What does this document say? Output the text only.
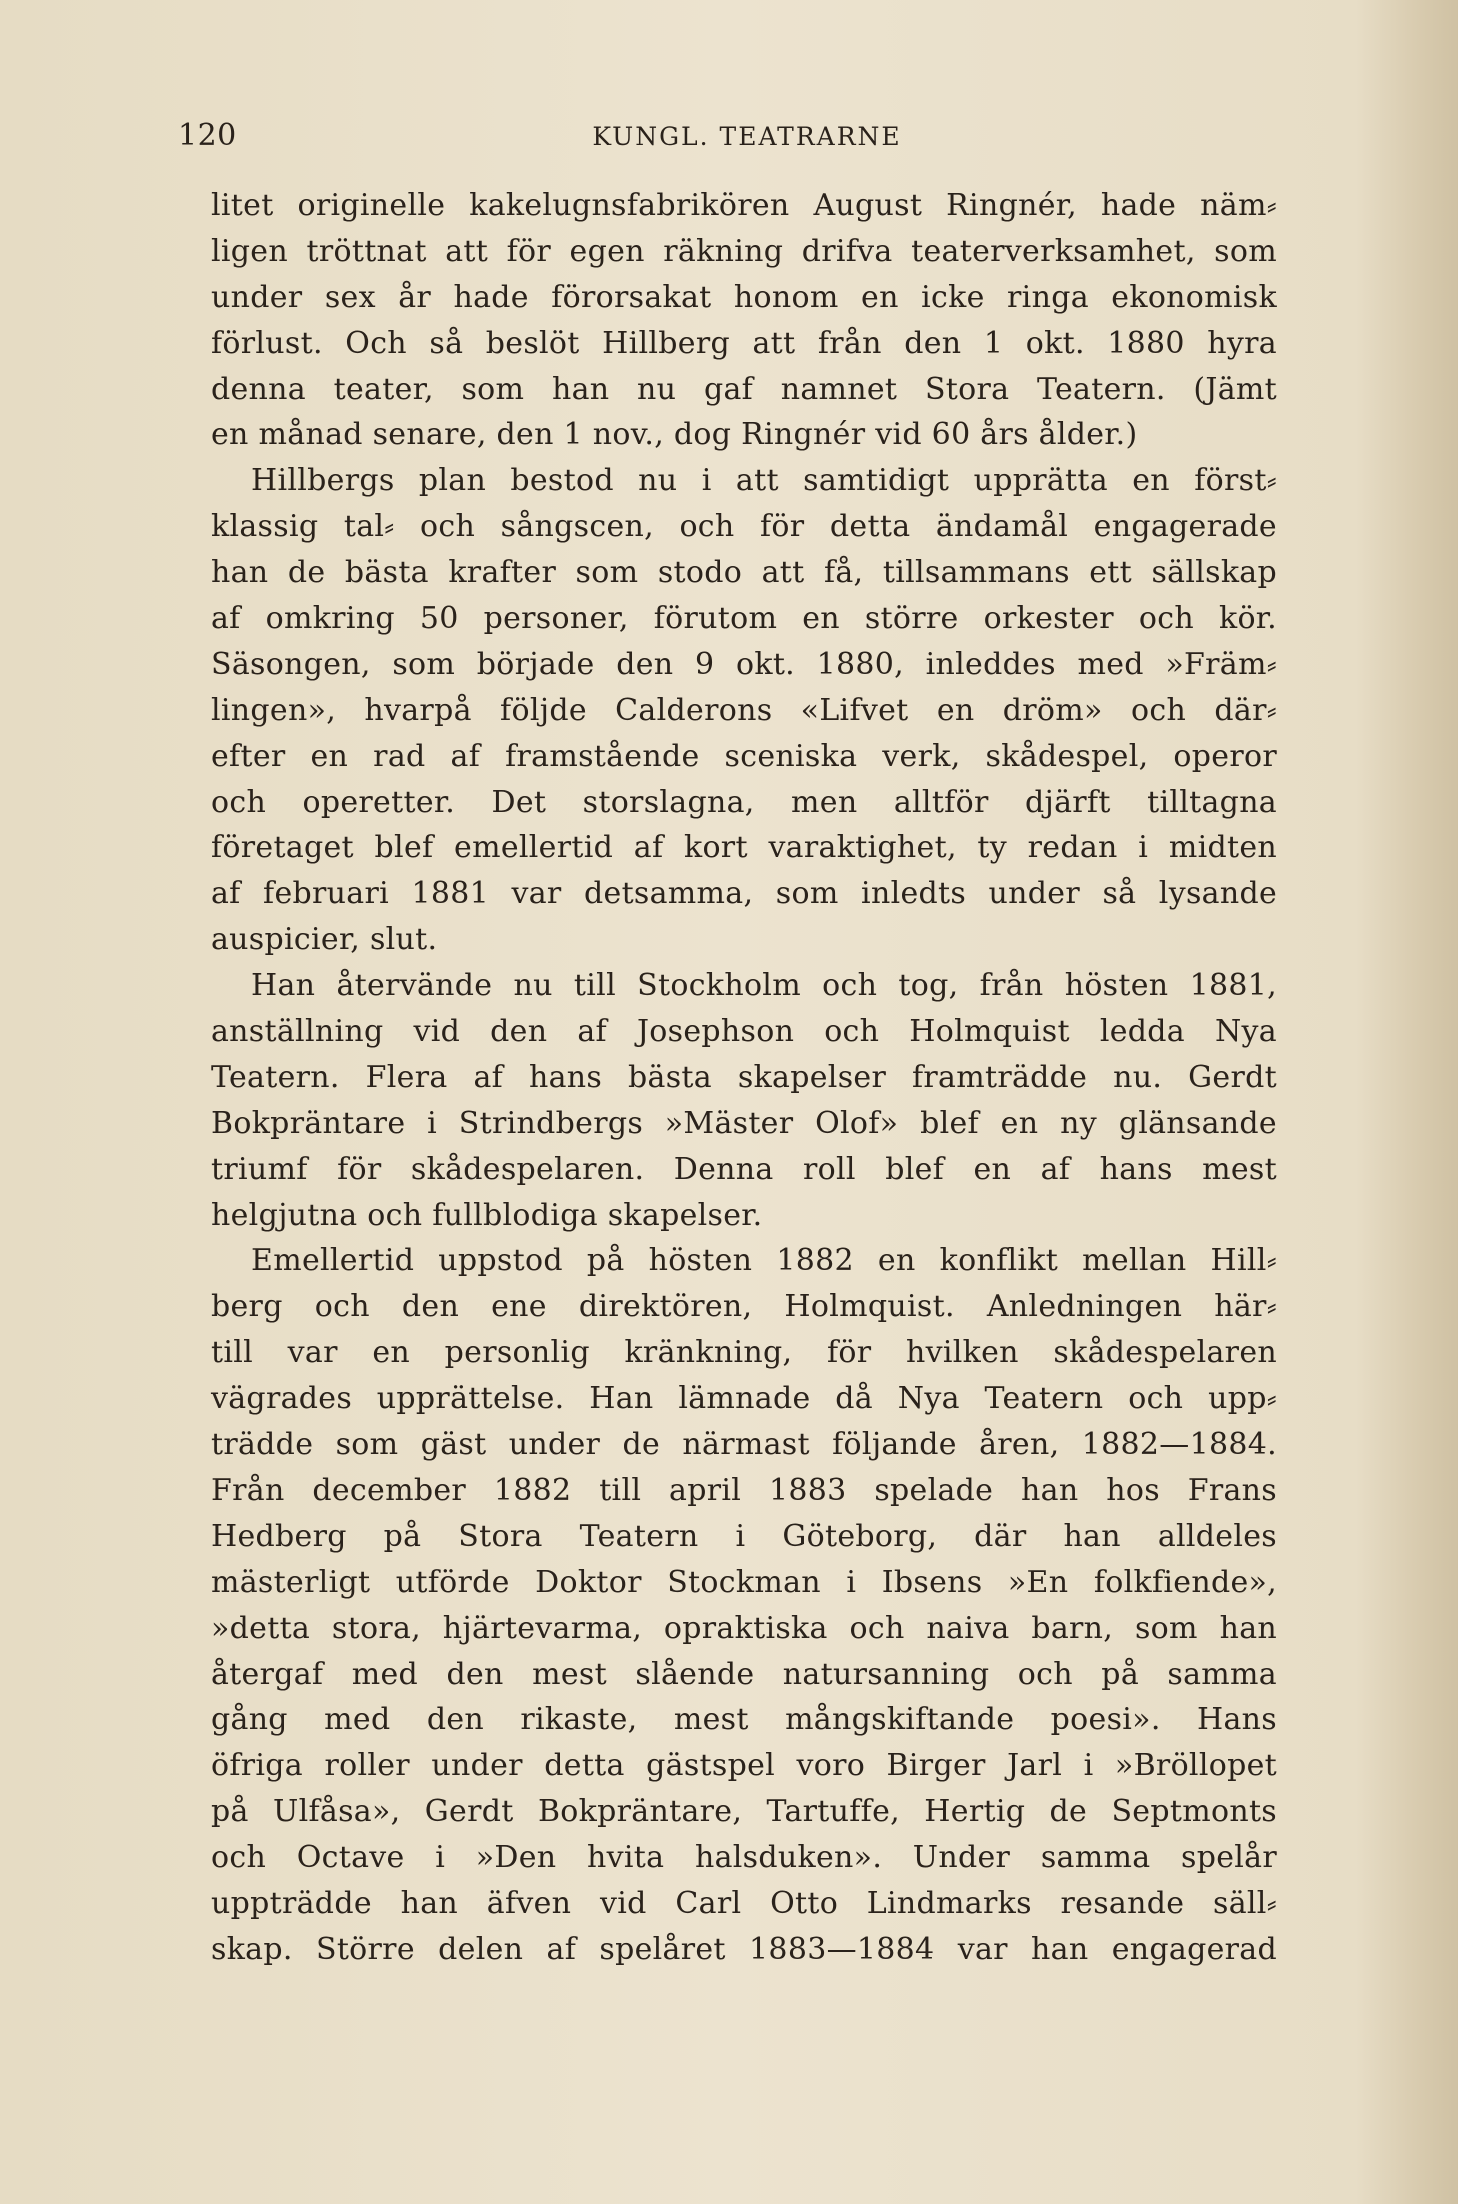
120	KUNGL. TEATRARNE
litet originelle kakelugnsfabrikören August Ringnér, hade näm⸗
ligen tröttnat att för egen räkning drifva teaterverksamhet, som
under sex år hade förorsakat honom en icke ringa ekonomisk
förlust. Och så beslöt Hillberg att från den 1 okt. 1880 hyra
denna teater, som han nu gaf namnet Stora Teatern. (Jämt
en månad senare, den 1 nov., dog Ringnér vid 60 års ålder.)
Hillbergs plan bestod nu i att samtidigt upprätta en först⸗
klassig tal⸗ och sångscen, och för detta ändamål engagerade
han de bästa krafter som stodo att få, tillsammans ett sällskap
af omkring 50 personer, förutom en större orkester och kör.
Säsongen, som började den 9 okt. 1880, inleddes med »Främ⸗
lingen», hvarpå följde Calderons «Lifvet en dröm» och där⸗
efter en rad af framstående sceniska verk, skådespel, operor
och operetter. Det storslagna, men alltför djärft tilltagna
företaget blef emellertid af kort varaktighet, ty redan i midten
af februari 1881 var detsamma, som inledts under så lysande
auspicier, slut.
Han återvände nu till Stockholm och tog, från hösten 1881,
anställning vid den af Josephson och Holmquist ledda Nya
Teatern. Flera af hans bästa skapelser framträdde nu. Gerdt
Bokpräntare i Strindbergs »Mäster Olof» blef en ny glänsande
triumf för skådespelaren. Denna roll blef en af hans mest
helgjutna och fullblodiga skapelser.
Emellertid uppstod på hösten 1882 en konflikt mellan Hill⸗
berg och den ene direktören, Holmquist. Anledningen här⸗
till var en personlig kränkning, för hvilken skådespelaren
vägrades upprättelse. Han lämnade då Nya Teatern och upp⸗
trädde som gäst under de närmast följande åren, 1882—1884.
Från december 1882 till april 1883 spelade han hos Frans
Hedberg på Stora Teatern i Göteborg, där han alldeles
mästerligt utförde Doktor Stockman i Ibsens »En folkfiende»,
»detta stora, hjärtevarma, opraktiska och naiva barn, som han
återgaf med den mest slående natursanning och på samma
gång med den rikaste, mest mångskiftande poesi». Hans
öfriga roller under detta gästspel voro Birger Jarl i »Bröllopet
på Ulfåsa», Gerdt Bokpräntare, Tartuffe, Hertig de Septmonts
och Octave i »Den hvita halsduken». Under samma spelår
uppträdde han äfven vid Carl Otto Lindmarks resande säll⸗
skap. Större delen af spelåret 1883—1884 var han engagerad
